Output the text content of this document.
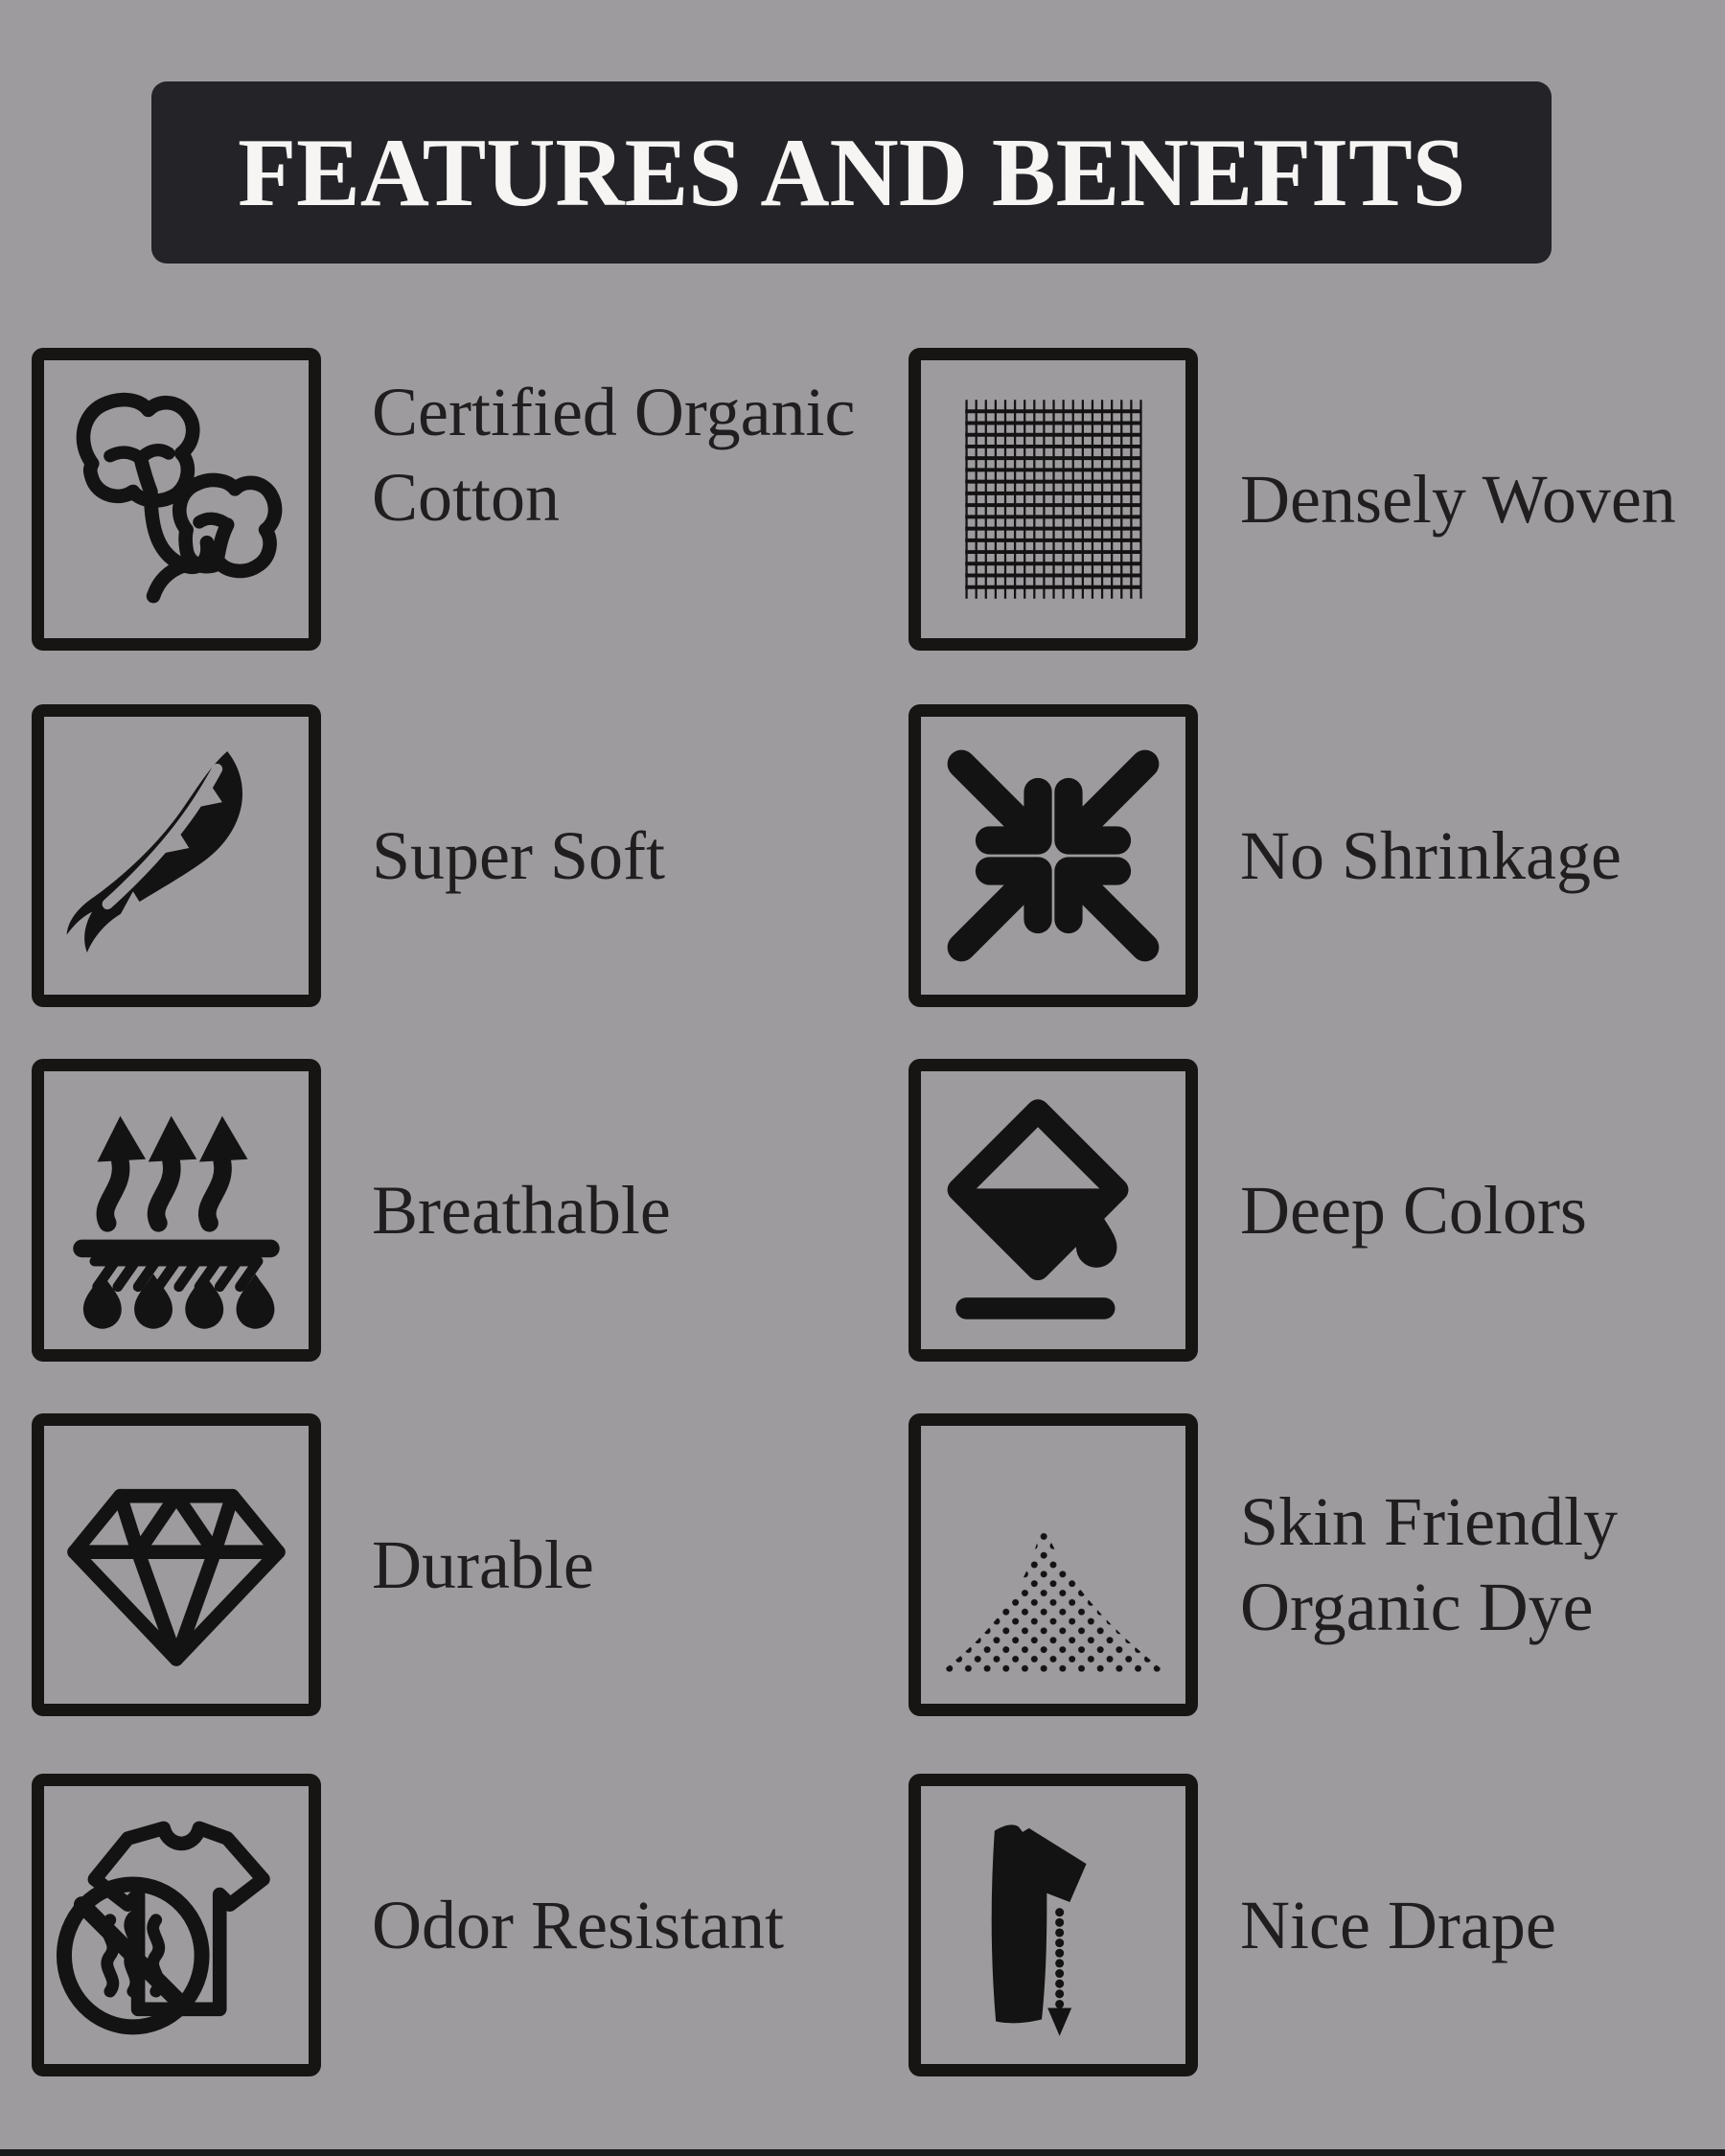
FEATURES AND BENEFITS
Certified Organic Cotton	Densely Woven
Super Soft	No Shrinkage
Breathable	Deep Colors
Durable
Skin Friendly Organic Dye
Odor Resistant	Nice Drape
